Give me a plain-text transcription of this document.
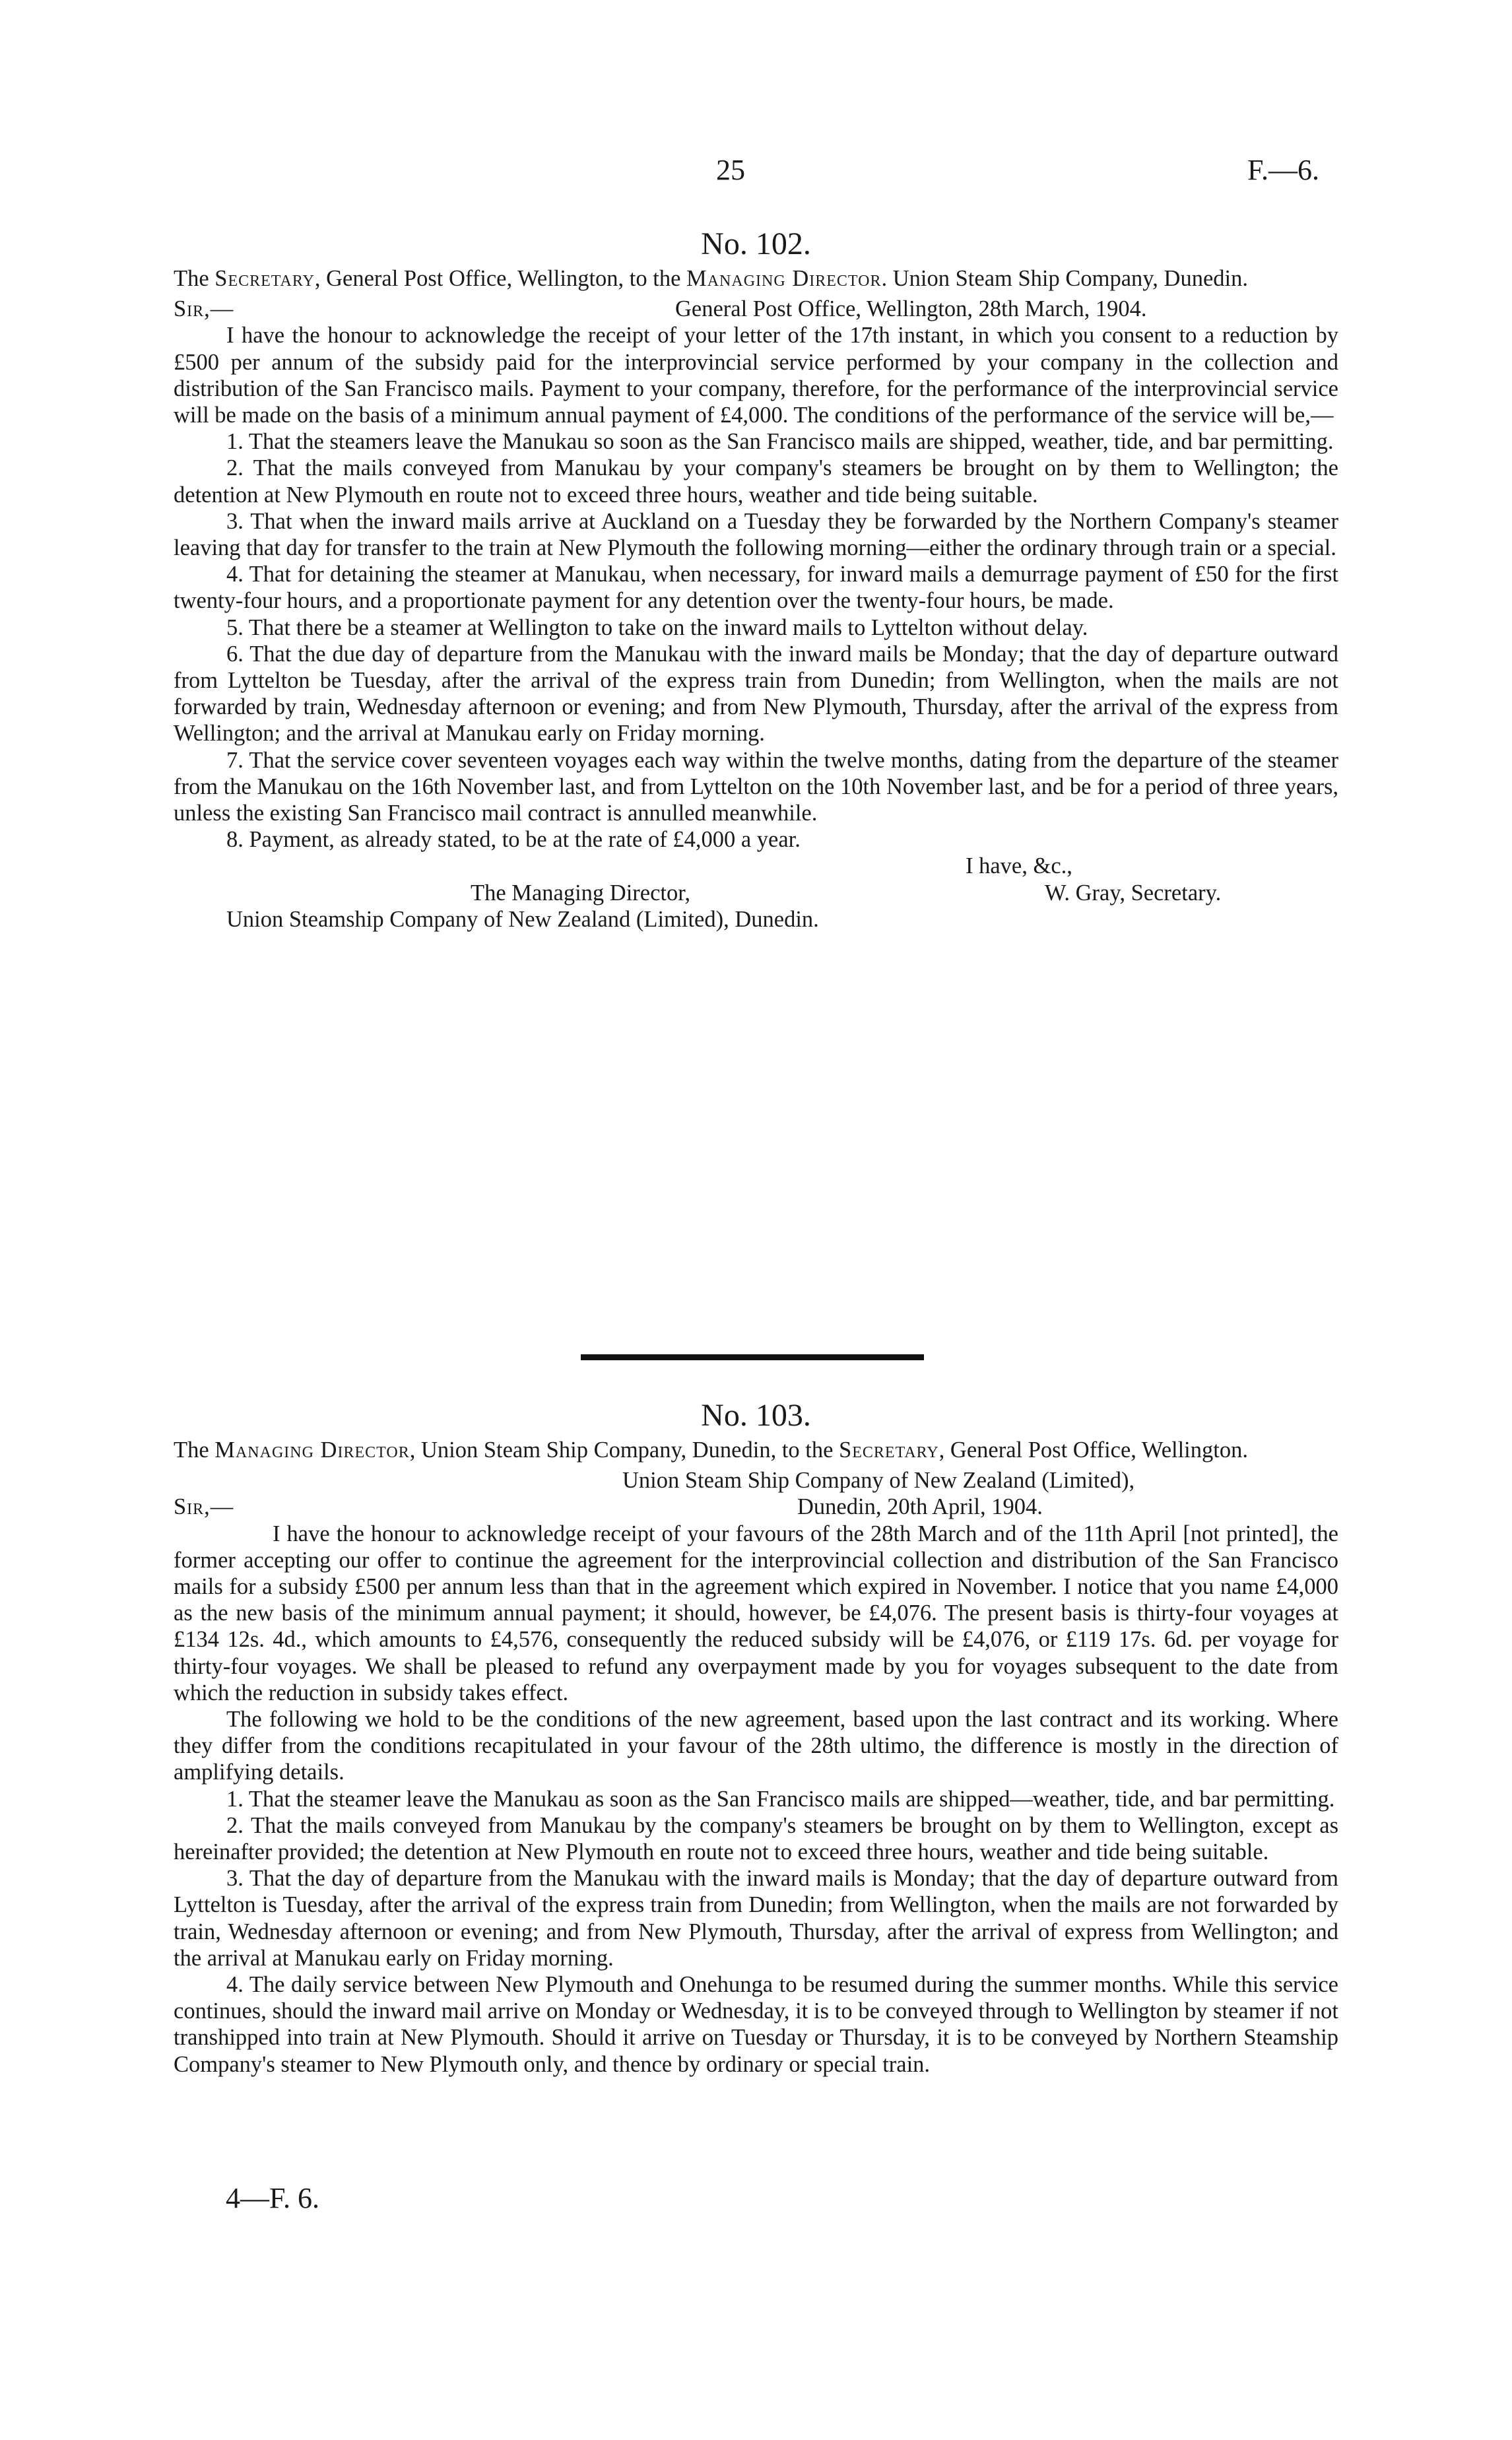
25	F.—6.

No. 102.

The Secretary, General Post Office, Wellington, to the Managing Director. Union Steam Ship Company, Dunedin.

Sir,—	General Post Office, Wellington, 28th March, 1904.

I have the honour to acknowledge the receipt of your letter of the 17th instant, in which you consent to a reduction by £500 per annum of the subsidy paid for the interprovincial service performed by your company in the collection and distribution of the San Francisco mails. Payment to your company, therefore, for the performance of the interprovincial service will be made on the basis of a minimum annual payment of £4,000. The conditions of the performance of the service will be,—

1. That the steamers leave the Manukau so soon as the San Francisco mails are shipped, weather, tide, and bar permitting.

2. That the mails conveyed from Manukau by your company's steamers be brought on by them to Wellington; the detention at New Plymouth en route not to exceed three hours, weather and tide being suitable.

3. That when the inward mails arrive at Auckland on a Tuesday they be forwarded by the Northern Company's steamer leaving that day for transfer to the train at New Plymouth the following morning—either the ordinary through train or a special.

4. That for detaining the steamer at Manukau, when necessary, for inward mails a demurrage payment of £50 for the first twenty-four hours, and a proportionate payment for any detention over the twenty-four hours, be made.

5. That there be a steamer at Wellington to take on the inward mails to Lyttelton without delay.

6. That the due day of departure from the Manukau with the inward mails be Monday; that the day of departure outward from Lyttelton be Tuesday, after the arrival of the express train from Dunedin; from Wellington, when the mails are not forwarded by train, Wednesday afternoon or evening; and from New Plymouth, Thursday, after the arrival of the express from Wellington; and the arrival at Manukau early on Friday morning.

7. That the service cover seventeen voyages each way within the twelve months, dating from the departure of the steamer from the Manukau on the 16th November last, and from Lyttelton on the 10th November last, and be for a period of three years, unless the existing San Francisco mail contract is annulled meanwhile.

8. Payment, as already stated, to be at the rate of £4,000 a year.

I have, &c.,

The Managing Director,	W. Gray, Secretary.

Union Steamship Company of New Zealand (Limited), Dunedin.

No. 103.

The Managing Director, Union Steam Ship Company, Dunedin, to the Secretary, General Post Office, Wellington.

Union Steam Ship Company of New Zealand (Limited),

Sir,—	Dunedin, 20th April, 1904.

I have the honour to acknowledge receipt of your favours of the 28th March and of the 11th April [not printed], the former accepting our offer to continue the agreement for the interprovincial collection and distribution of the San Francisco mails for a subsidy £500 per annum less than that in the agreement which expired in November. I notice that you name £4,000 as the new basis of the minimum annual payment; it should, however, be £4,076. The present basis is thirty-four voyages at £134 12s. 4d., which amounts to £4,576, consequently the reduced subsidy will be £4,076, or £119 17s. 6d. per voyage for thirty-four voyages. We shall be pleased to refund any overpayment made by you for voyages subsequent to the date from which the reduction in subsidy takes effect.

The following we hold to be the conditions of the new agreement, based upon the last contract and its working. Where they differ from the conditions recapitulated in your favour of the 28th ultimo, the difference is mostly in the direction of amplifying details.

1. That the steamer leave the Manukau as soon as the San Francisco mails are shipped—weather, tide, and bar permitting.

2. That the mails conveyed from Manukau by the company's steamers be brought on by them to Wellington, except as hereinafter provided; the detention at New Plymouth en route not to exceed three hours, weather and tide being suitable.

3. That the day of departure from the Manukau with the inward mails is Monday; that the day of departure outward from Lyttelton is Tuesday, after the arrival of the express train from Dunedin; from Wellington, when the mails are not forwarded by train, Wednesday afternoon or evening; and from New Plymouth, Thursday, after the arrival of express from Wellington; and the arrival at Manukau early on Friday morning.

4. The daily service between New Plymouth and Onehunga to be resumed during the summer months. While this service continues, should the inward mail arrive on Monday or Wednesday, it is to be conveyed through to Wellington by steamer if not transhipped into train at New Plymouth. Should it arrive on Tuesday or Thursday, it is to be conveyed by Northern Steamship Company's steamer to New Plymouth only, and thence by ordinary or special train.

4—F. 6.
